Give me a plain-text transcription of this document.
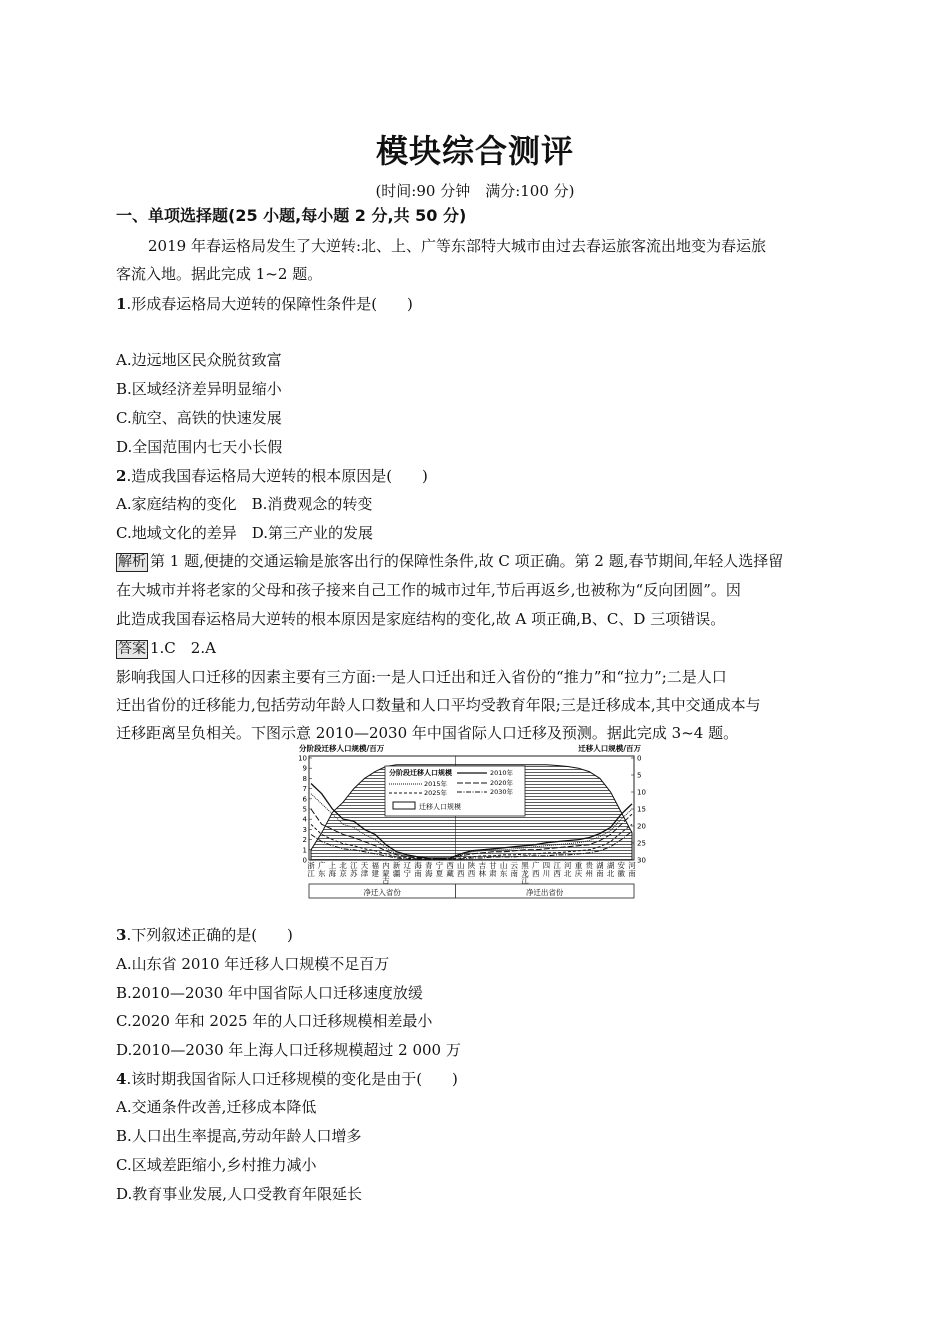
模块综合测评
(时间:90 分钟　满分:100 分)
一、单项选择题(25 小题,每小题 2 分,共 50 分)
2019 年春运格局发生了大逆转:北、上、广等东部特大城市由过去春运旅客流出地变为春运旅
客流入地。据此完成 1~2 题。
1.形成春运格局大逆转的保障性条件是(　　)
A.边远地区民众脱贫致富
B.区域经济差异明显缩小
C.航空、高铁的快速发展
D.全国范围内七天小长假
2.造成我国春运格局大逆转的根本原因是(　　)
A.家庭结构的变化　B.消费观念的转变
C.地域文化的差异　D.第三产业的发展
解析 第 1 题,便捷的交通运输是旅客出行的保障性条件,故 C 项正确。第 2 题,春节期间,年轻人选择留
在大城市并将老家的父母和孩子接来自己工作的城市过年,节后再返乡,也被称为“反向团圆”。因
此造成我国春运格局大逆转的根本原因是家庭结构的变化,故 A 项正确,B、C、D 三项错误。
答案 1.C　2.A
影响我国人口迁移的因素主要有三方面:一是人口迁出和迁入省份的“推力”和“拉力”;二是人口
迁出省份的迁移能力,包括劳动年龄人口数量和人口平均受教育年限;三是迁移成本,其中交通成本与
迁移距离呈负相关。下图示意 2010—2030 年中国省际人口迁移及预测。据此完成 3~4 题。
分阶段迁移人口规模/百万	迁移人口规模/百万
10
9
8
7
6
5
4
3
2
1
0
0
5
10
15
20
25
30
分阶段迁移人口规模	2010年
2015年	2020年
2025年	2030年
迁移人口规模
浙
江
广
东
上
海
北
京
江
苏
天
津
福
建
内
蒙
新
疆
辽
宁
海
南
青
海
宁
夏
西
藏
山
西
陕
西
吉
林
甘
肃
山
东
云
南
黑
龙
广
西
四
川
江
西
河
北
重
庆
贵
州
湖
南
湖
北
安
徽
河
南
古	江
净迁入省份	净迁出省份
3.下列叙述正确的是(　　)
A.山东省 2010 年迁移人口规模不足百万
B.2010—2030 年中国省际人口迁移速度放缓
C.2020 年和 2025 年的人口迁移规模相差最小
D.2010—2030 年上海人口迁移规模超过 2 000 万
4.该时期我国省际人口迁移规模的变化是由于(　　)
A.交通条件改善,迁移成本降低
B.人口出生率提高,劳动年龄人口增多
C.区域差距缩小,乡村推力减小
D.教育事业发展,人口受教育年限延长
